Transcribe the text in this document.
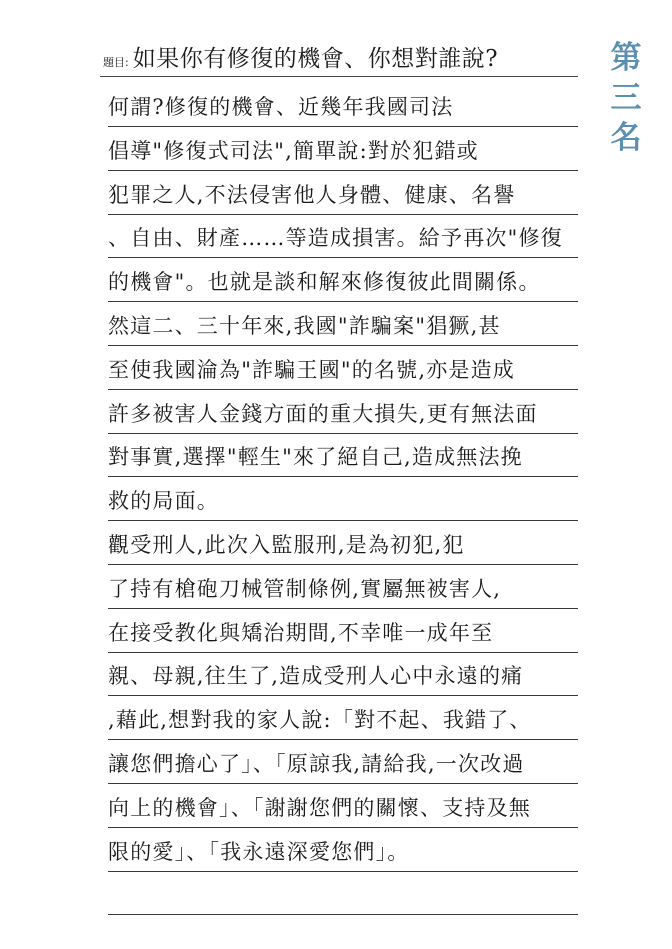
第
三
名
題目: 如果你有修復的機會、你想對誰說?
何謂?修復的機會、近幾年我國司法
倡導"修復式司法",簡單說:對於犯錯或
犯罪之人,不法侵害他人身體、健康、名譽
、自由、財產……等造成損害。給予再次"修復
的機會"。也就是談和解來修復彼此間關係。
然這二、三十年來,我國"詐騙案"猖獗,甚
至使我國淪為"詐騙王國"的名號,亦是造成
許多被害人金錢方面的重大損失,更有無法面
對事實,選擇"輕生"來了絕自己,造成無法挽
救的局面。
觀受刑人,此次入監服刑,是為初犯,犯
了持有槍砲刀械管制條例,實屬無被害人,
在接受教化與矯治期間,不幸唯一成年至
親、母親,往生了,造成受刑人心中永遠的痛
,藉此,想對我的家人說:「對不起、我錯了、
讓您們擔心了」、「原諒我,請給我,一次改過
向上的機會」、「謝謝您們的關懷、支持及無
限的愛」、「我永遠深愛您們」。
